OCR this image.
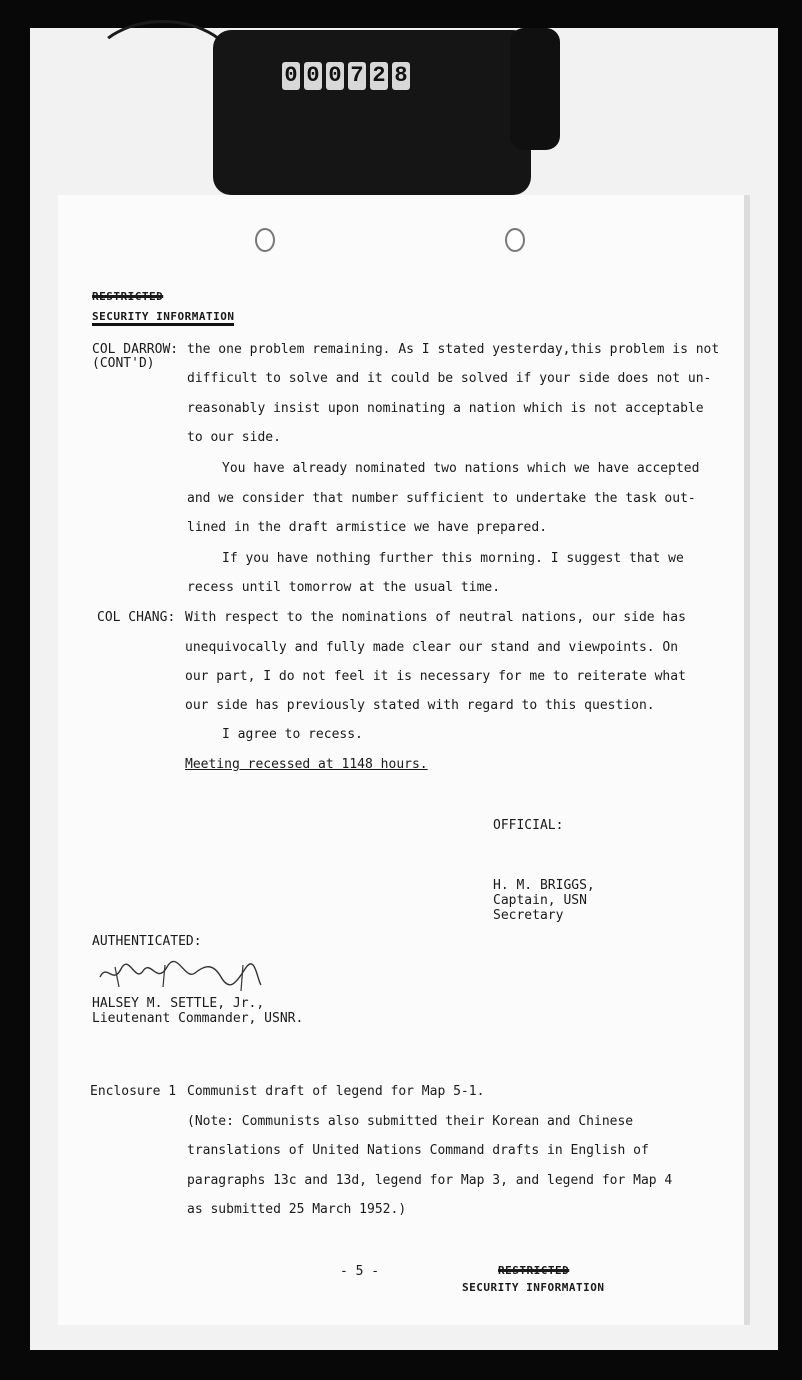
0 0 0 7 2 8
RESTRICTED
SECURITY INFORMATION
COL DARROW:
(CONT'D)
the one problem remaining. As I stated yesterday,this problem is not
difficult to solve and it could be solved if your side does not un-
reasonably insist upon nominating a nation which is not acceptable
to our side.
You have already nominated two nations which we have accepted
and we consider that number sufficient to undertake the task out-
lined in the draft armistice we have prepared.
If you have nothing further this morning. I suggest that we
recess until tomorrow at the usual time.
COL CHANG: With respect to the nominations of neutral nations, our side has
unequivocally and fully made clear our stand and viewpoints. On
our part, I do not feel it is necessary for me to reiterate what
our side has previously stated with regard to this question.
I agree to recess.
Meeting recessed at 1148 hours.
OFFICIAL:
H. M. BRIGGS,
Captain, USN
Secretary
AUTHENTICATED:
HALSEY M. SETTLE, Jr.,
Lieutenant Commander, USNR.
Enclosure 1 Communist draft of legend for Map 5-1.
(Note: Communists also submitted their Korean and Chinese
translations of United Nations Command drafts in English of
paragraphs 13c and 13d, legend for Map 3, and legend for Map 4
as submitted 25 March 1952.)
- 5 -	RESTRICTED
SECURITY INFORMATION
